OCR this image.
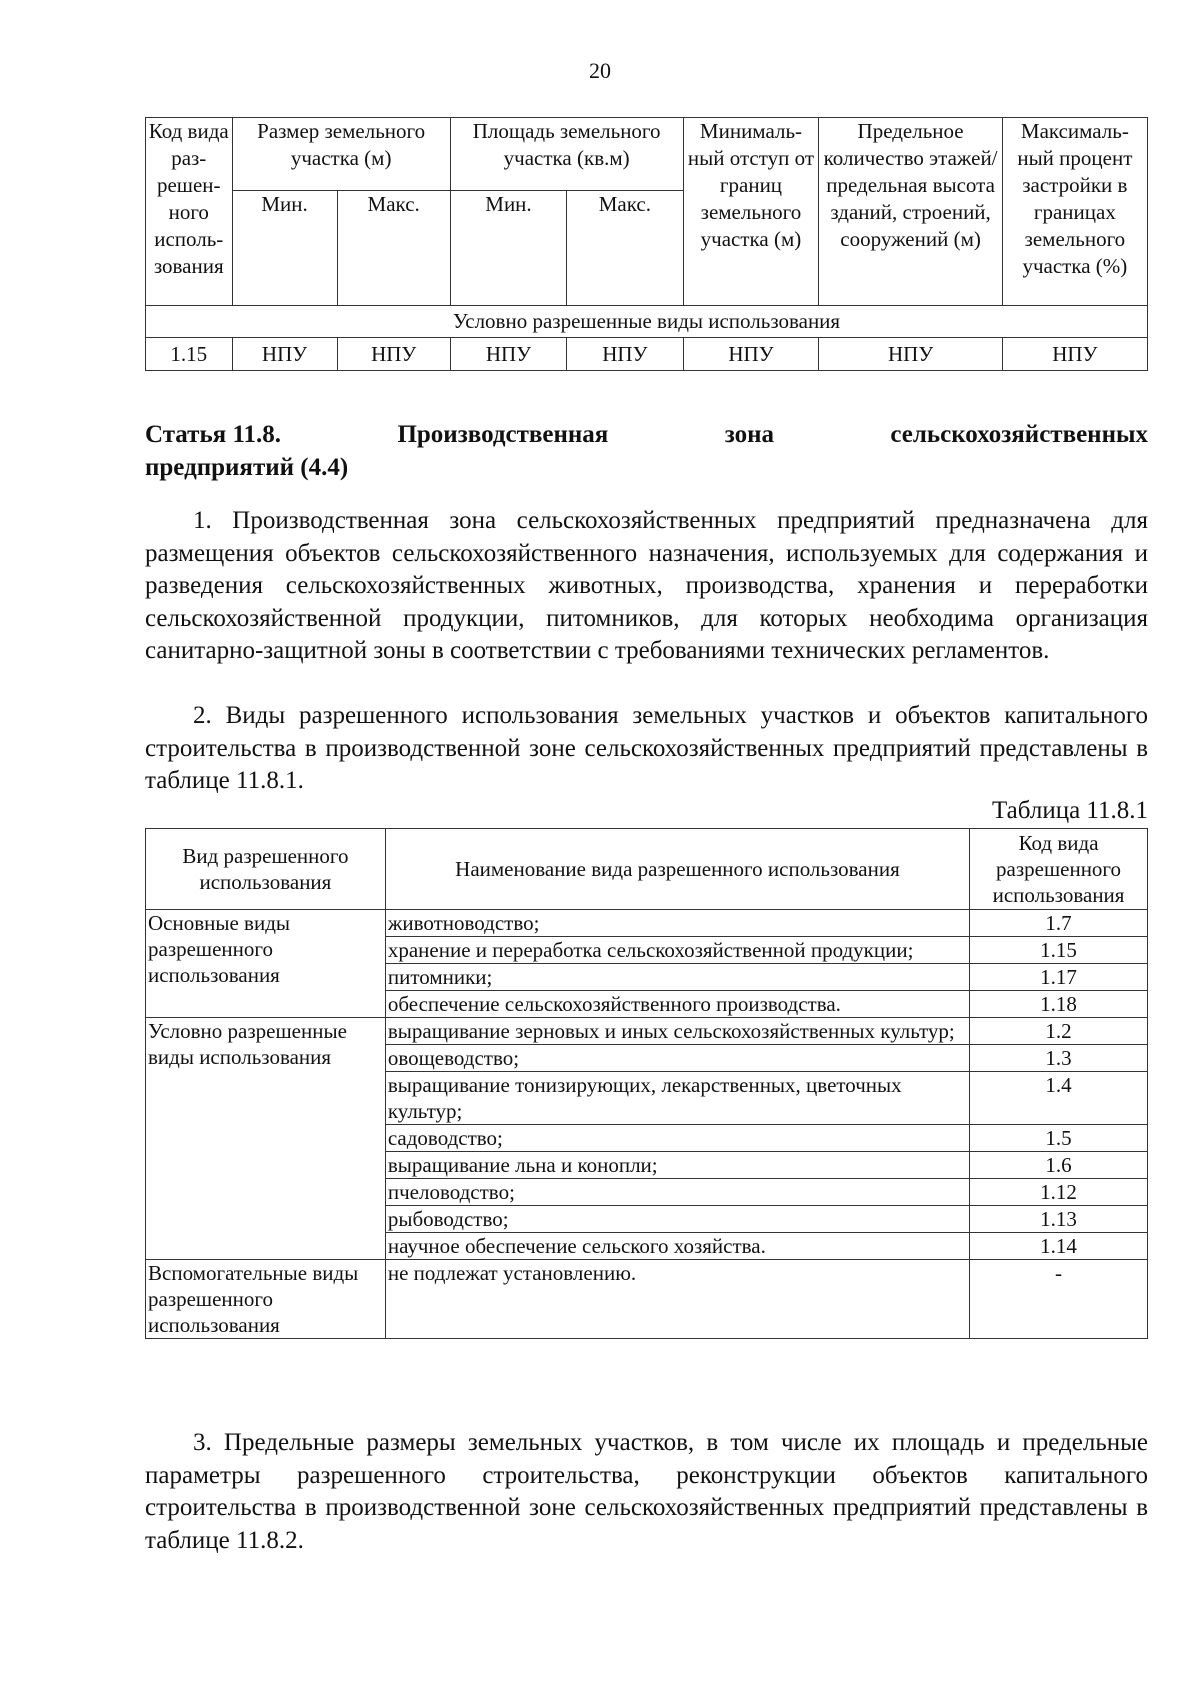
20
Код вида раз-решен-ного исполь-зования	Размер земельного участка (м)		Площадь земельного участка (кв.м)		Минималь-ный отступ от границ земельного участка (м)	Предельное количество этажей/ предельная высота зданий, строений, сооружений (м)	Максималь-ный процент застройки в границах земельного участка (%)
	Мин.	Макс.	Мин.	Макс.			
Условно разрешенные виды использования							
1.15	НПУ	НПУ	НПУ	НПУ	НПУ	НПУ	НПУ
Статья 11.8.	Производственная	зона	сельскохозяйственных
предприятий (4.4)

1. Производственная зона сельскохозяйственных предприятий предназначена для размещения объектов сельскохозяйственного назначения, используемых для содержания и разведения сельскохозяйственных животных, производства, хранения и переработки сельскохозяйственной продукции, питомников, для которых необходима организация санитарно-защитной зоны в соответствии с требованиями технических регламентов.

2. Виды разрешенного использования земельных участков и объектов капитального строительства в производственной зоне сельскохозяйственных предприятий представлены в таблице 11.8.1.

Таблица 11.8.1
Вид разрешенного использования	Наименование вида разрешенного использования	Код вида разрешенного использования
Основные виды разрешенного использования	животноводство;	1.7
	хранение и переработка сельскохозяйственной продукции;	1.15
	питомники;	1.17
	обеспечение сельскохозяйственного производства.	1.18
Условно разрешенные виды использования	выращивание зерновых и иных сельскохозяйственных культур;	1.2
	овощеводство;	1.3
	выращивание тонизирующих, лекарственных, цветочных культур;	1.4
	садоводство;	1.5
	выращивание льна и конопли;	1.6
	пчеловодство;	1.12
	рыбоводство;	1.13
	научное обеспечение сельского хозяйства.	1.14
Вспомогательные виды разрешенного использования	не подлежат установлению.	-

3. Предельные размеры земельных участков, в том числе их площадь и предельные параметры разрешенного строительства, реконструкции объектов капитального строительства в производственной зоне сельскохозяйственных предприятий представлены в таблице 11.8.2.
